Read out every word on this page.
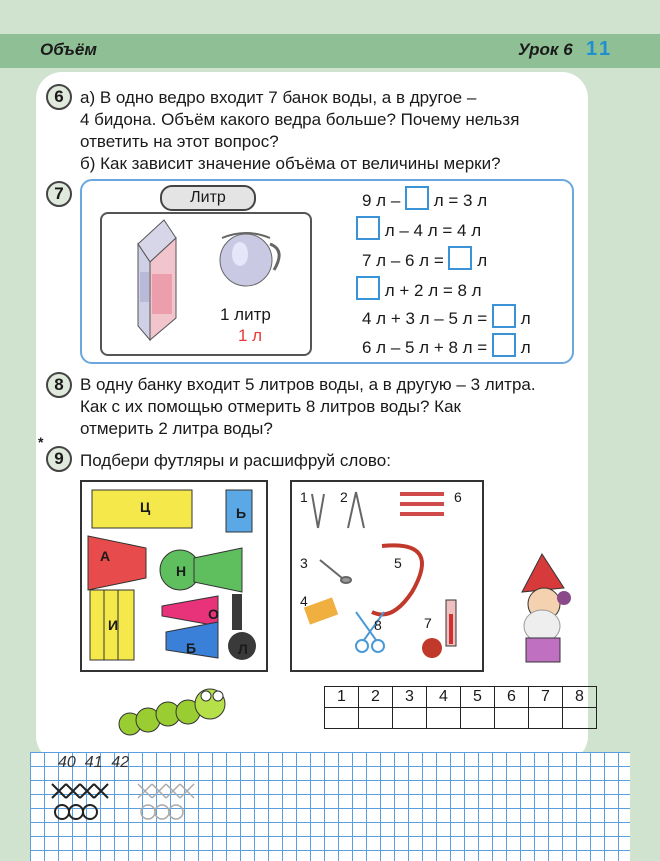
Объём	Урок 6 11
6 а) В одно ведро входит 7 банок воды, а в другое –
4 бидона. Объём какого ведра больше? Почему нельзя
ответить на этот вопрос?
б) Как зависит значение объёма от величины мерки?
7	Литр
1 литр
1 л
9 л – л = 3 л
л – 4 л = 4 л
7 л – 6 л = л
л + 2 л = 8 л
4 л + 3 л – 5 л = л
6 л – 5 л + 8 л = л
8 В одну банку входит 5 литров воды, а в другую – 3 литра.
Как с их помощью отмерить 8 литров воды? Как
отмерить 2 литра воды?
*
9 Подбери футляры и расшифруй слово:
Ц	Ь
А
Н
И
О
Б	Л
1 2
3
4
5
6
7
8
1	2	3	4	5	6	7	8

40  41  42
